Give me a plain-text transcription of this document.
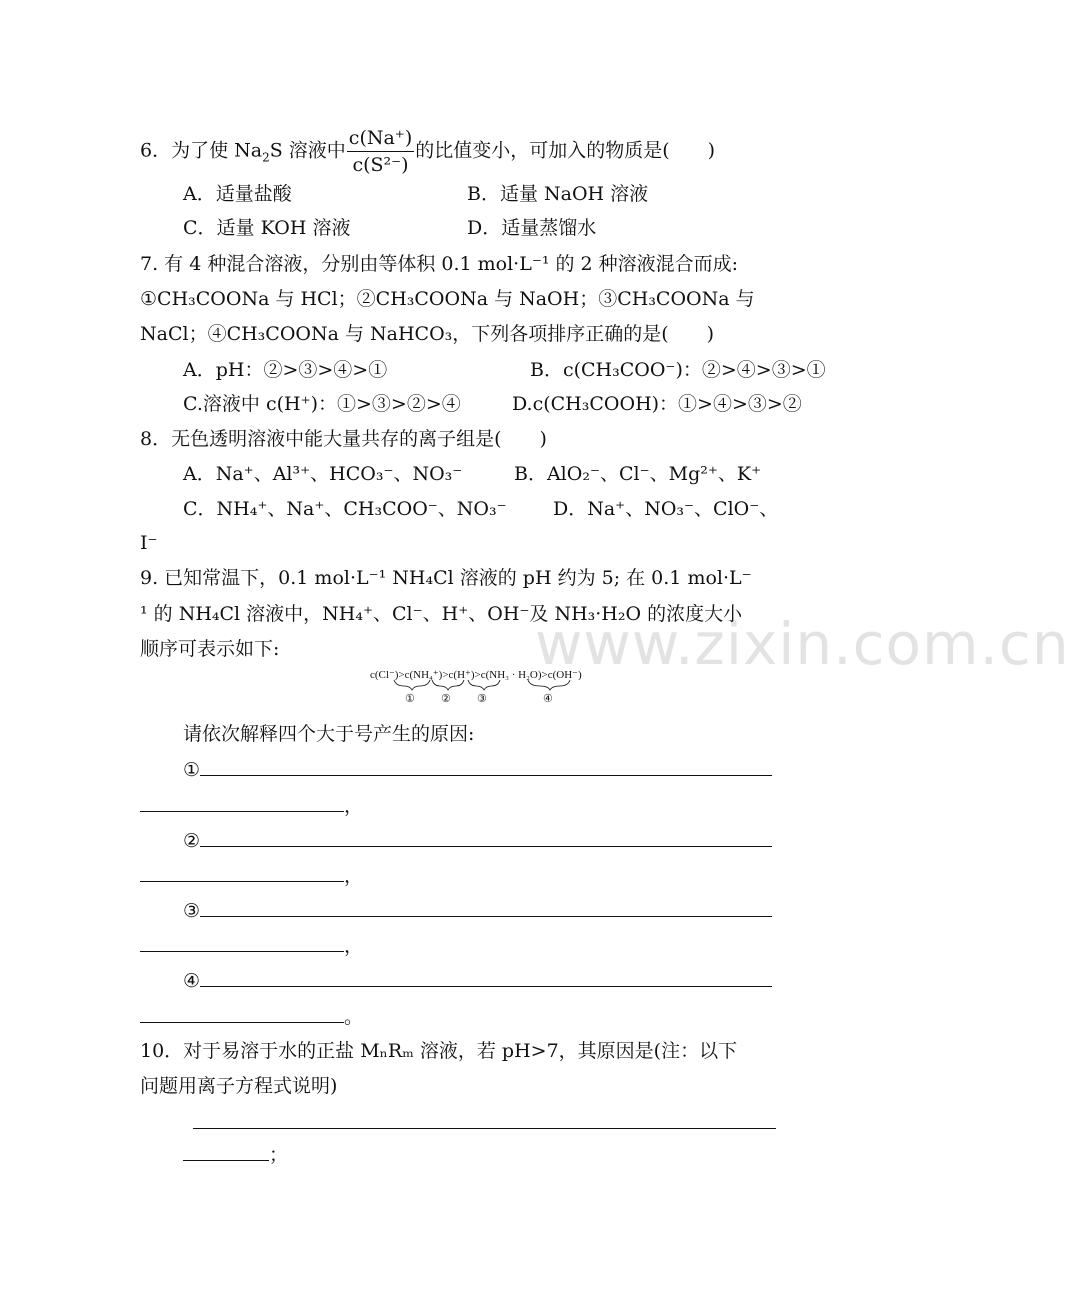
www.zixin.com.cn
6．为了使 $Na_2S$ 溶液中 $\frac{c(Na^+)}{\text{c(S²⁻)}}$ 的比值变小，可加入的物质是(　　)
A．适量盐酸	B．适量 NaOH 溶液
C．适量 KOH 溶液	D．适量蒸馏水
7. 有 4 种混合溶液，分别由等体积 0.1 mol·L⁻¹ 的 2 种溶液混合而成:
①CH₃COONa 与 HCl；②CH₃COONa 与 NaOH；③CH₃COONa 与
NaCl；④CH₃COONa 与 NaHCO₃，下列各项排序正确的是(　　)
A．pH：②>③>④>①	B．c(CH₃COO⁻)：②>④>③>①
C.溶液中 c(H⁺)：①>③>②>④	D.c(CH₃COOH)：①>④>③>②
8．无色透明溶液中能大量共存的离子组是(　　)
A．Na⁺、Al³⁺、HCO₃⁻、NO₃⁻	B．AlO₂⁻、Cl⁻、Mg²⁺、K⁺
C．NH₄⁺、Na⁺、CH₃COO⁻、NO₃⁻ D．Na⁺、NO₃⁻、ClO⁻、
I⁻
9. 已知常温下，0.1 mol·L⁻¹ NH₄Cl 溶液的 pH 约为 5; 在 0.1 mol·L⁻
¹ 的 NH₄Cl 溶液中，NH₄⁺、Cl⁻、H⁺、OH⁻及 NH₃·H₂O 的浓度大小
顺序可表示如下:
c(Cl⁻)>c(NH₄⁺)>c(H⁺)>c(NH₃ · H₂O)>c(OH⁻)
① ② ③	④
请依次解释四个大于号产生的原因:
①
，
②
，
③
，
④
。
10．对于易溶于水的正盐 MₙRₘ 溶液，若 pH>7，其原因是(注：以下
问题用离子方程式说明)
；
